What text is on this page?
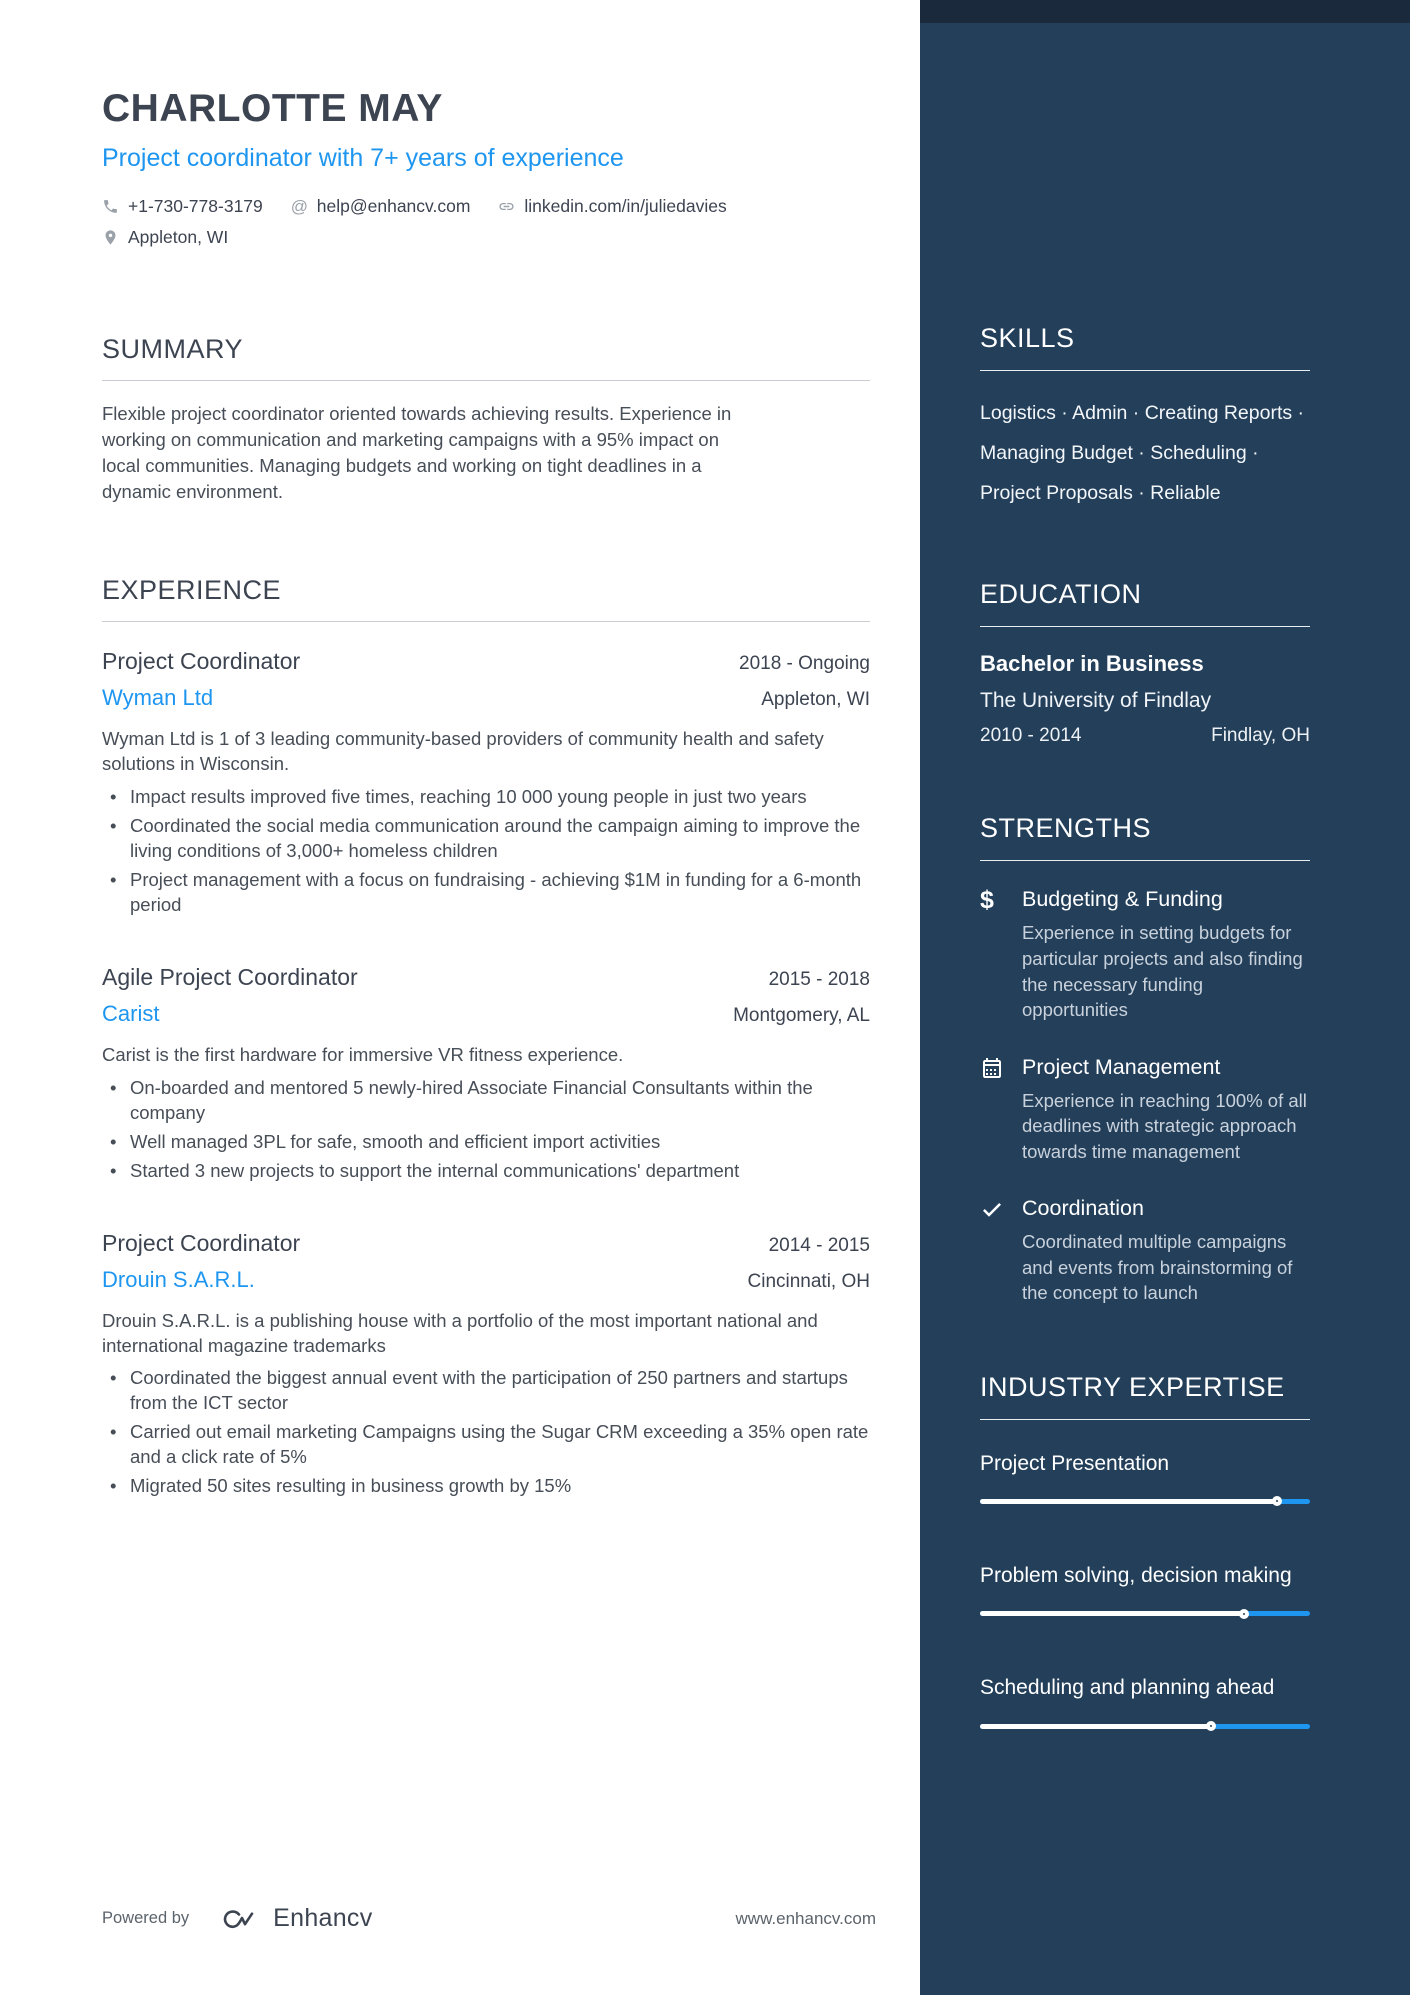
CHARLOTTE MAY
Project coordinator with 7+ years of experience
+1-730-778-3179 @ help@enhancv.com	linkedin.com/in/juliedavies
Appleton, WI
SUMMARY

Flexible project coordinator oriented towards achieving results. Experience in working on communication and marketing campaigns with a 95% impact on local communities. Managing budgets and working on tight deadlines in a dynamic environment.

EXPERIENCE
Project Coordinator	2018 - Ongoing
Wyman Ltd	Appleton, WI

Wyman Ltd is 1 of 3 leading community-based providers of community health and safety solutions in Wisconsin.

• Impact results improved five times, reaching 10 000 young people in just two years
• Coordinated the social media communication around the campaign aiming to improve the living conditions of 3,000+ homeless children
• Project management with a focus on fundraising - achieving $1M in funding for a 6-month period
Agile Project Coordinator	2015 - 2018
Carist	Montgomery, AL

Carist is the first hardware for immersive VR fitness experience.

• On-boarded and mentored 5 newly-hired Associate Financial Consultants within the company
• Well managed 3PL for safe, smooth and efficient import activities
• Started 3 new projects to support the internal communications' department
Project Coordinator	2014 - 2015
Drouin S.A.R.L.	Cincinnati, OH

Drouin S.A.R.L. is a publishing house with a portfolio of the most important national and international magazine trademarks

• Coordinated the biggest annual event with the participation of 250 partners and startups from the ICT sector
• Carried out email marketing Campaigns using the Sugar CRM exceeding a 35% open rate and a click rate of 5%
• Migrated 50 sites resulting in business growth by 15%
Powered by	Enhancv	www.enhancv.com
SKILLS

Logistics · Admin · Creating Reports · Managing Budget · Scheduling · Project Proposals · Reliable

EDUCATION
Bachelor in Business
The University of Findlay
2010 - 2014	Findlay, OH
STRENGTHS
$	Budgeting & Funding

Experience in setting budgets for particular projects and also finding the necessary funding opportunities

Project Management

Experience in reaching 100% of all deadlines with strategic approach towards time management

Coordination

Coordinated multiple campaigns and events from brainstorming of the concept to launch

INDUSTRY EXPERTISE
Project Presentation
Problem solving, decision making
Scheduling and planning ahead
